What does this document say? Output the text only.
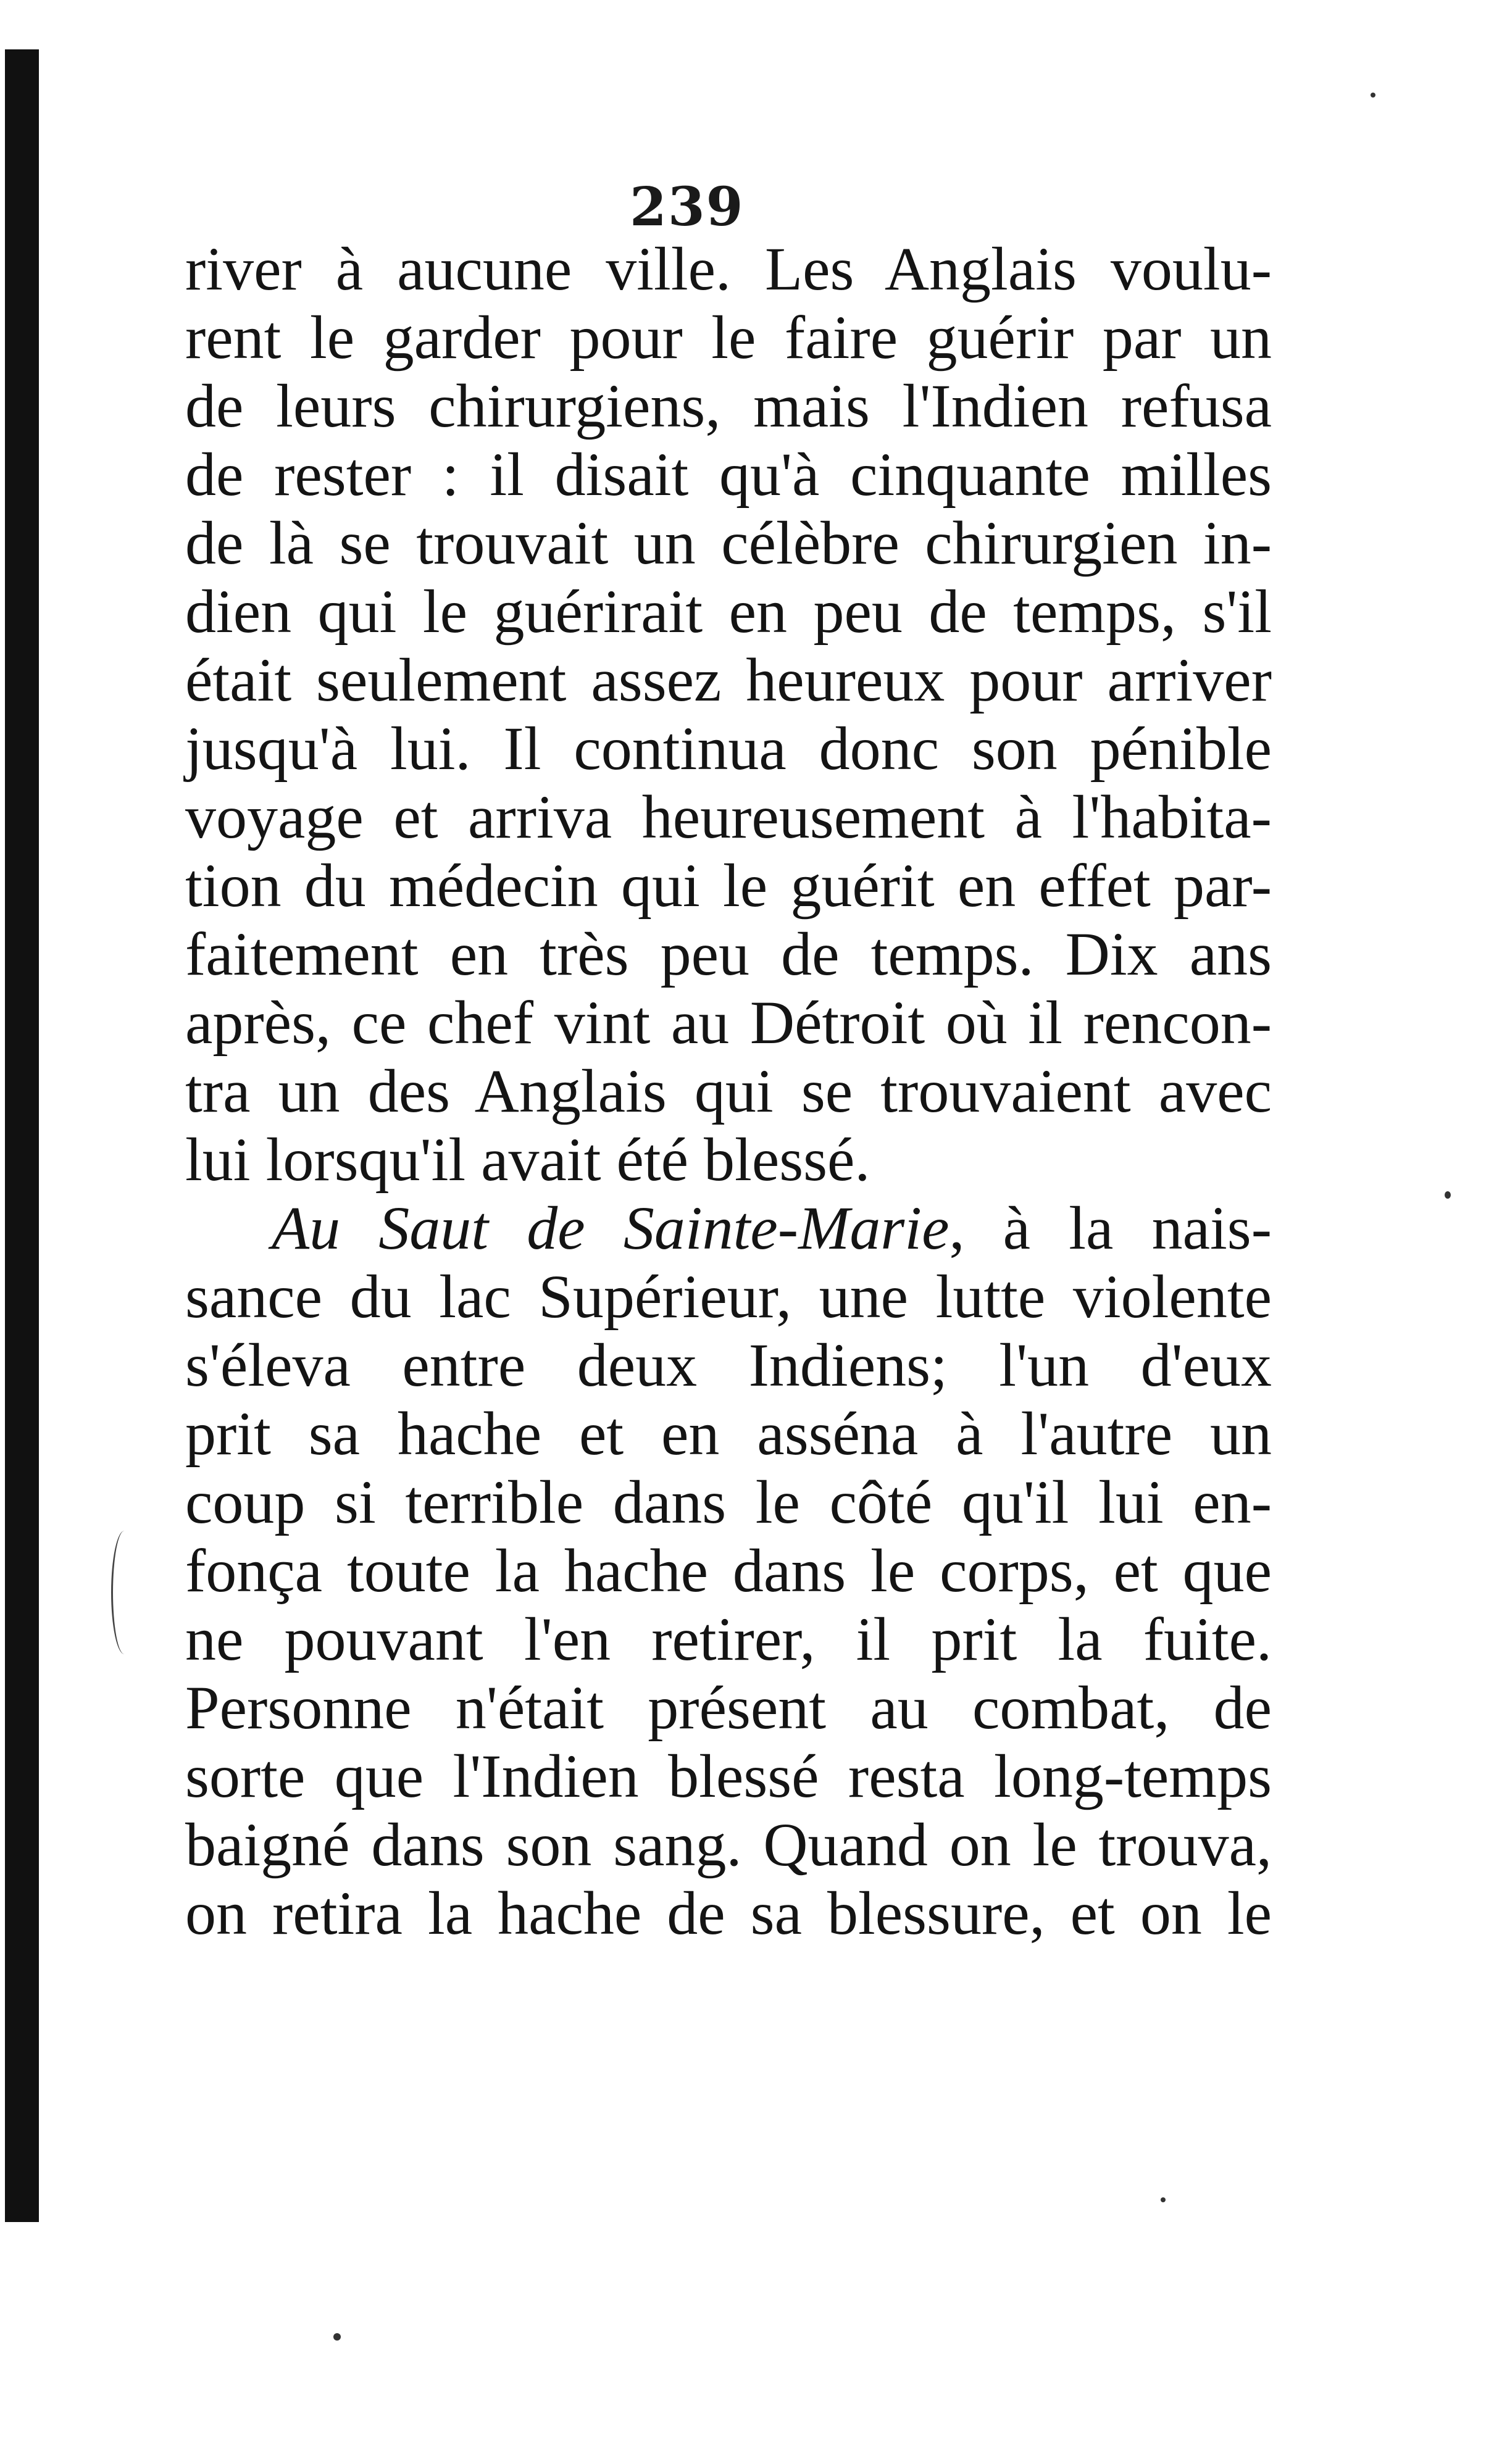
239
river à aucune ville. Les Anglais voulu-
rent le garder pour le faire guérir par un
de leurs chirurgiens, mais l'Indien refusa
de rester : il disait qu'à cinquante milles
de là se trouvait un célèbre chirurgien in-
dien qui le guérirait en peu de temps, s'il
était seulement assez heureux pour arriver
jusqu'à lui. Il continua donc son pénible
voyage et arriva heureusement à l'habita-
tion du médecin qui le guérit en effet par-
faitement en très peu de temps. Dix ans
après, ce chef vint au Détroit où il rencon-
tra un des Anglais qui se trouvaient avec
lui lorsqu'il avait été blessé.
Au Saut de Sainte-Marie, à la nais-
sance du lac Supérieur, une lutte violente
s'éleva entre deux Indiens; l'un d'eux
prit sa hache et en asséna à l'autre un
coup si terrible dans le côté qu'il lui en-
fonça toute la hache dans le corps, et que
ne pouvant l'en retirer, il prit la fuite.
Personne n'était présent au combat, de
sorte que l'Indien blessé resta long-temps
baigné dans son sang. Quand on le trouva,
on retira la hache de sa blessure, et on le
